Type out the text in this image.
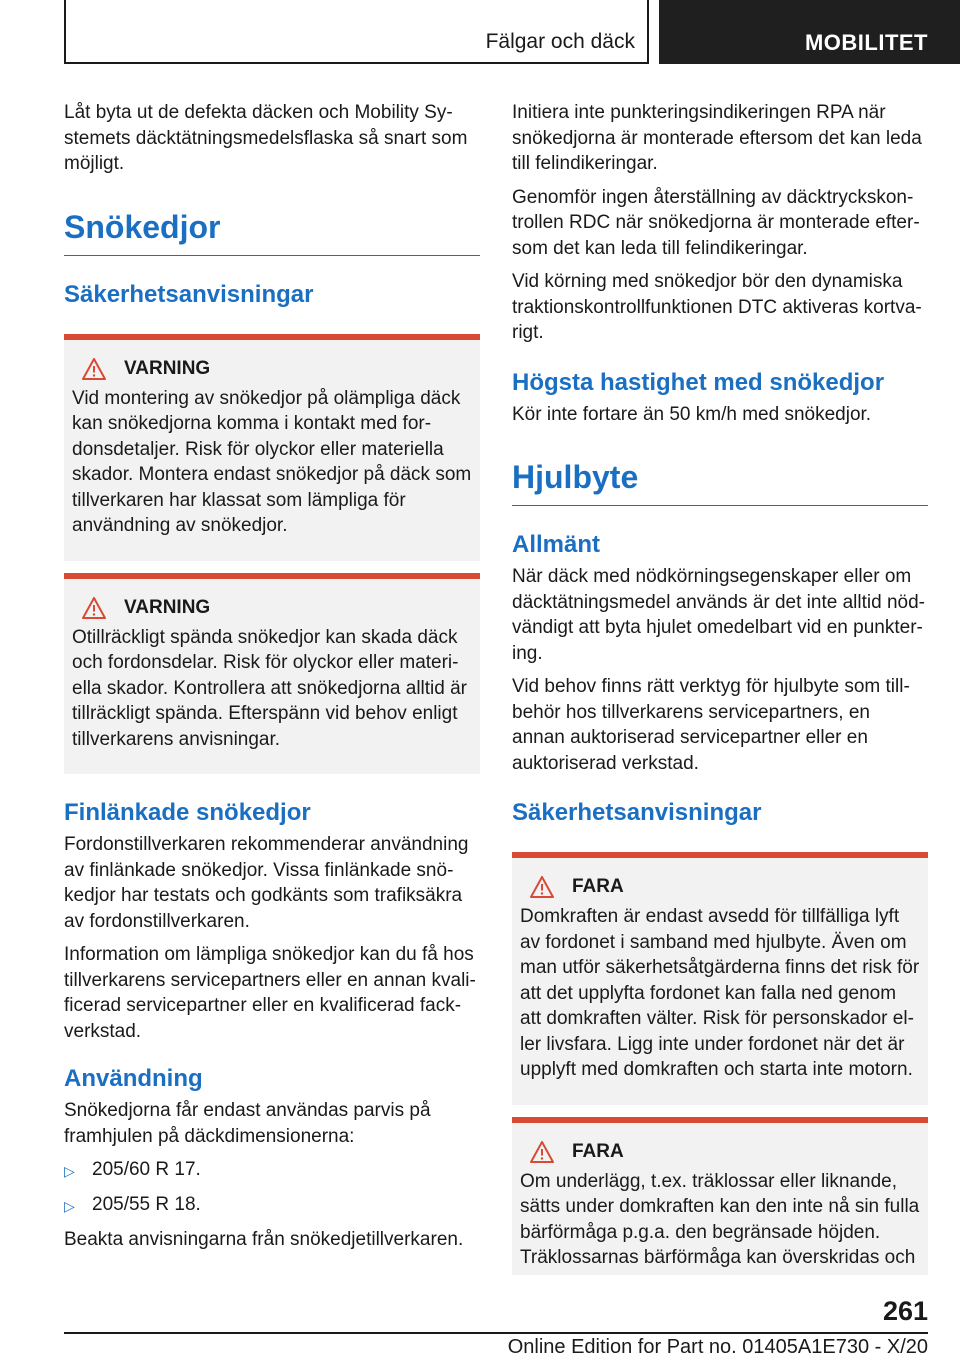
Fälgar och däck	MOBILITET

Låt byta ut de defekta däcken och Mobility Systemets däcktätningsmedelsflaska så snart som möjligt.

Snökedjor
Säkerhetsanvisningar
VARNING

Vid montering av snökedjor på olämpliga däck kan snökedjorna komma i kontakt med fordonsdetaljer. Risk för olyckor eller materiella skador. Montera endast snökedjor på däck som tillverkaren har klassat som lämpliga för användning av snökedjor.

VARNING

Otillräckligt spända snökedjor kan skada däck och fordonsdelar. Risk för olyckor eller materiella skador. Kontrollera att snökedjorna alltid är tillräckligt spända. Efterspänn vid behov enligt tillverkarens anvisningar.

Finlänkade snökedjor

Fordonstillverkaren rekommenderar användning av finlänkade snökedjor. Vissa finlänkade snökedjor har testats och godkänts som trafiksäkra av fordonstillverkaren.

Information om lämpliga snökedjor kan du få hos tillverkarens servicepartners eller en annan kvalificerad servicepartner eller en kvalificerad fackverkstad.

Användning

Snökedjorna får endast användas parvis på framhjulen på däckdimensionerna:

▷ 205/60 R 17.
▷ 205/55 R 18.

Beakta anvisningarna från snökedjetillverkaren.

Initiera inte punkteringsindikeringen RPA när snökedjorna är monterade eftersom det kan leda till felindikeringar.

Genomför ingen återställning av däcktryckskontrollen RDC när snökedjorna är monterade eftersom det kan leda till felindikeringar.

Vid körning med snökedjor bör den dynamiska traktionskontrollfunktionen DTC aktiveras kortvarigt.

Högsta hastighet med snökedjor

Kör inte fortare än 50 km/h med snökedjor.

Hjulbyte
Allmänt

När däck med nödkörningsegenskaper eller om däcktätningsmedel används är det inte alltid nödvändigt att byta hjulet omedelbart vid en punktering.

Vid behov finns rätt verktyg för hjulbyte som tillbehör hos tillverkarens servicepartners, en annan auktoriserad servicepartner eller en auktoriserad verkstad.

Säkerhetsanvisningar
FARA

Domkraften är endast avsedd för tillfälliga lyft av fordonet i samband med hjulbyte. Även om man utför säkerhetsåtgärderna finns det risk för att det upplyfta fordonet kan falla ned genom att domkraften välter. Risk för personskador eller livsfara. Ligg inte under fordonet när det är upplyft med domkraften och starta inte motorn.

FARA

Om underlägg, t.ex. träklossar eller liknande, sätts under domkraften kan den inte nå sin fulla bärförmåga p.g.a. den begränsade höjden. Träklossarnas bärförmåga kan överskridas och

261
Online Edition for Part no. 01405A1E730 - X/20
